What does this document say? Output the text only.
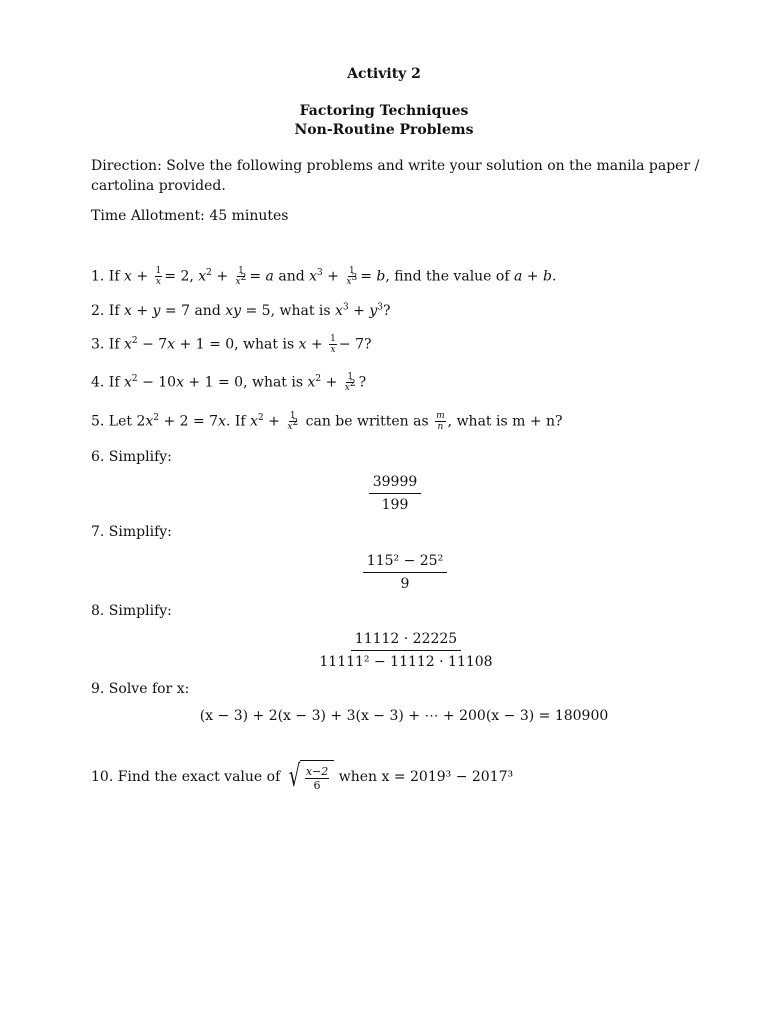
Activity 2
Factoring Techniques
Non-Routine Problems
Direction: Solve the following problems and write your solution on the manila paper /
cartolina provided.
Time Allotment: 45 minutes
1. If $x + \frac{1}{x} = 2$, $x^2 + \frac{1}{x^2} = a$ and $x^3 + \frac{1}{x^3} = b$, find the value of a + b.
2. If x + y = 7 and xy = 5, what is $x^3 + y^3$?
3. If $x^2 - 7x + 1 = 0$, what is $x + \frac{1}{x} - 7$?
4. If $x^2 - 10x + 1 = 0$, what is $x^2 + \frac{1}{x^2}$ ?
5. Let $2x^2 + 2 = 7x$. If $x^2 + \frac{1}{x^2}$ can be written as $\frac{m}{n}$ , what is m + n?
6. Simplify:
$\frac{39999}{199}$
7. Simplify:
$\frac{\text{115² − 25²}}{9}$
8. Simplify:
$\frac{11112 \cdot 22225}{\text{11111² − 11112 · 11108}}$
9. Solve for x:
(x − 3) + 2(x − 3) + 3(x − 3) + ⋯ + 200(x − 3) = 180900
10. Find the exact value of
√ $\frac{x-2}{6}$
when
x = 2019³ − 2017³
